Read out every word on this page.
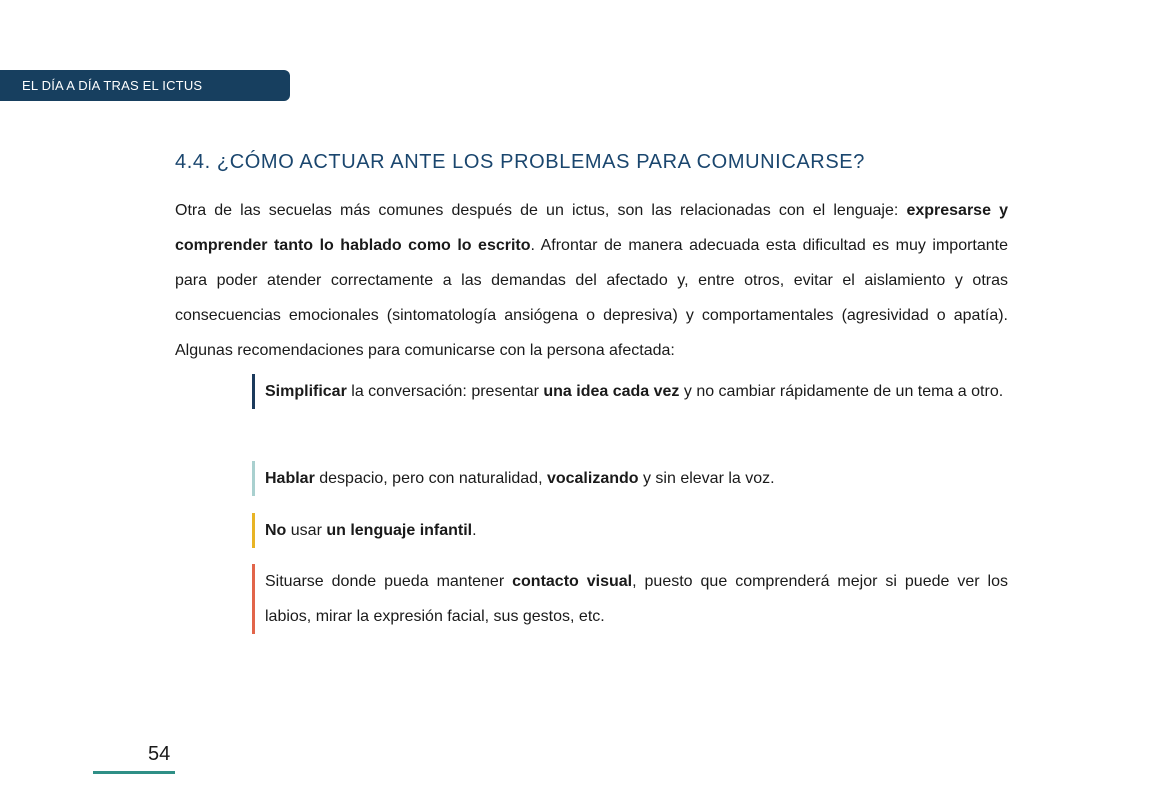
EL DÍA A DÍA TRAS EL ICTUS
4.4. ¿CÓMO ACTUAR ANTE LOS PROBLEMAS PARA COMUNICARSE?

Otra de las secuelas más comunes después de un ictus, son las relacionadas con el lenguaje: expresarse y comprender tanto lo hablado como lo escrito. Afrontar de manera adecuada esta dificultad es muy importante para poder atender correctamente a las demandas del afectado y, entre otros, evitar el aislamiento y otras consecuencias emocionales (sintomatología ansiógena o depresiva) y comportamentales (agresividad o apatía). Algunas recomendaciones para comunicarse con la persona afectada:

Simplificar la conversación: presentar una idea cada vez y no cambiar rápidamente de un tema a otro.

Hablar despacio, pero con naturalidad, vocalizando y sin elevar la voz.

No usar un lenguaje infantil.

Situarse donde pueda mantener contacto visual, puesto que comprenderá mejor si puede ver los labios, mirar la expresión facial, sus gestos, etc.

54
